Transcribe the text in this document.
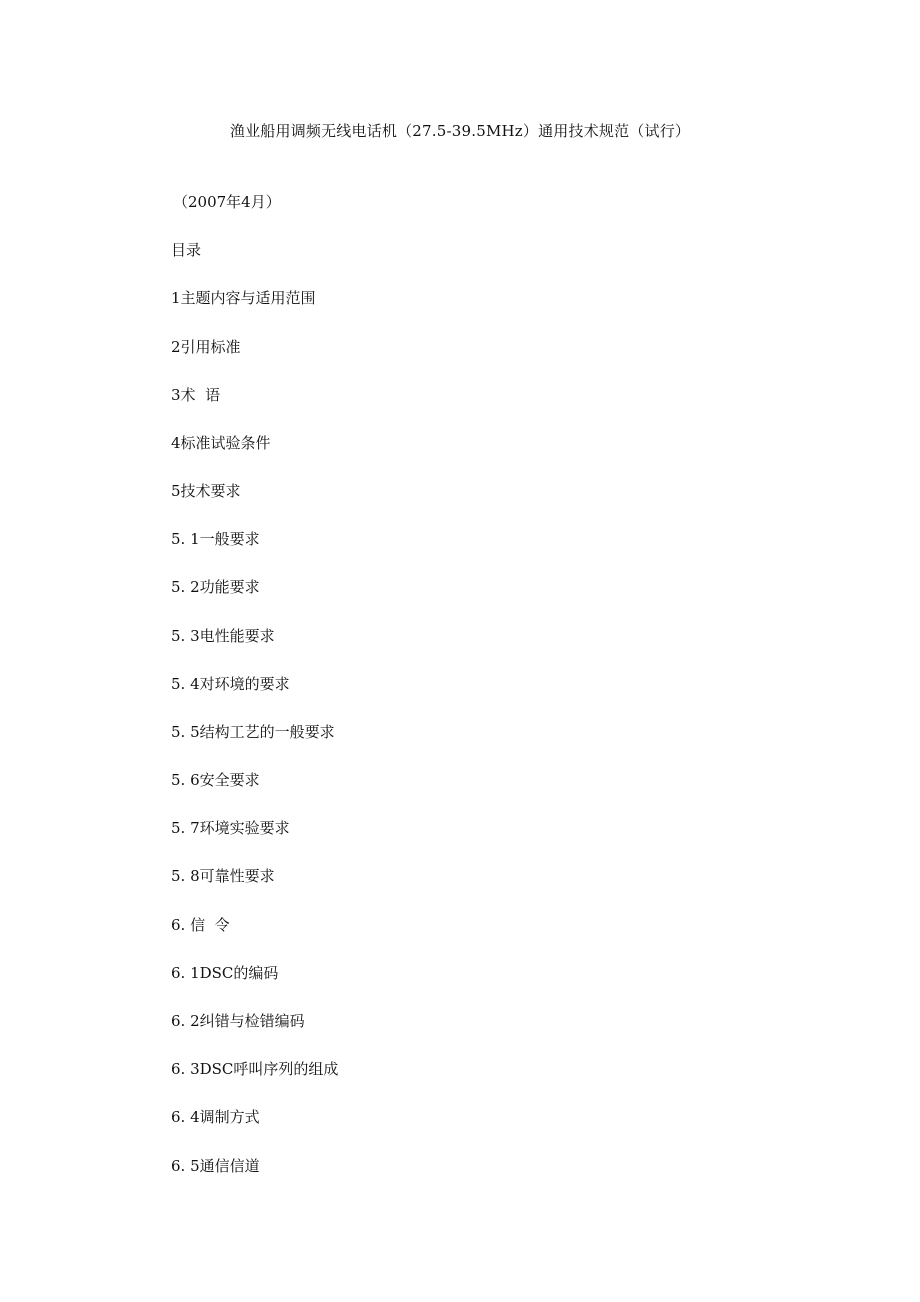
渔业船用调频无线电话机（27.5-39.5MHz）通用技术规范（试行）
（2007年4月）
目录
1主题内容与适用范围
2引用标准
3术  语
4标准试验条件
5技术要求
5. 1一般要求
5. 2功能要求
5. 3电性能要求
5. 4对环境的要求
5. 5结构工艺的一般要求
5. 6安全要求
5. 7环境实验要求
5. 8可靠性要求
6. 信  令
6. 1DSC的编码
6. 2纠错与检错编码
6. 3DSC呼叫序列的组成
6. 4调制方式
6. 5通信信道
